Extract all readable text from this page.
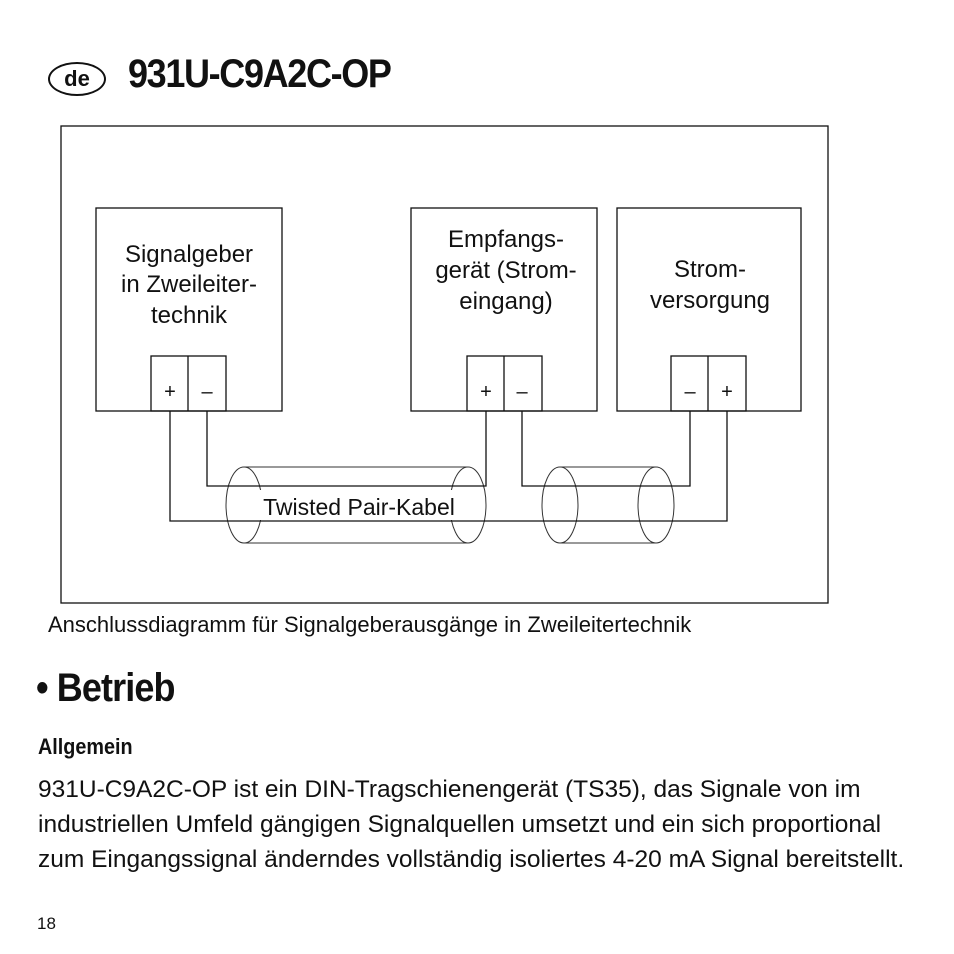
de 931U-C9A2C-OP
Signalgeber
in Zweileiter-
technik
Empfangs-
gerät (Strom-
eingang)
Strom-
versorgung
+ –	+ –	– +
Twisted Pair-Kabel
Anschlussdiagramm für Signalgeberausgänge in Zweileitertechnik
• Betrieb
Allgemein

931U-C9A2C-OP ist ein DIN-Tragschienengerät (TS35), das Signale von im industriellen Umfeld gängigen Signalquellen umsetzt und ein sich proportional zum Eingangssignal änderndes vollständig isoliertes 4-20 mA Signal bereitstellt.

18
